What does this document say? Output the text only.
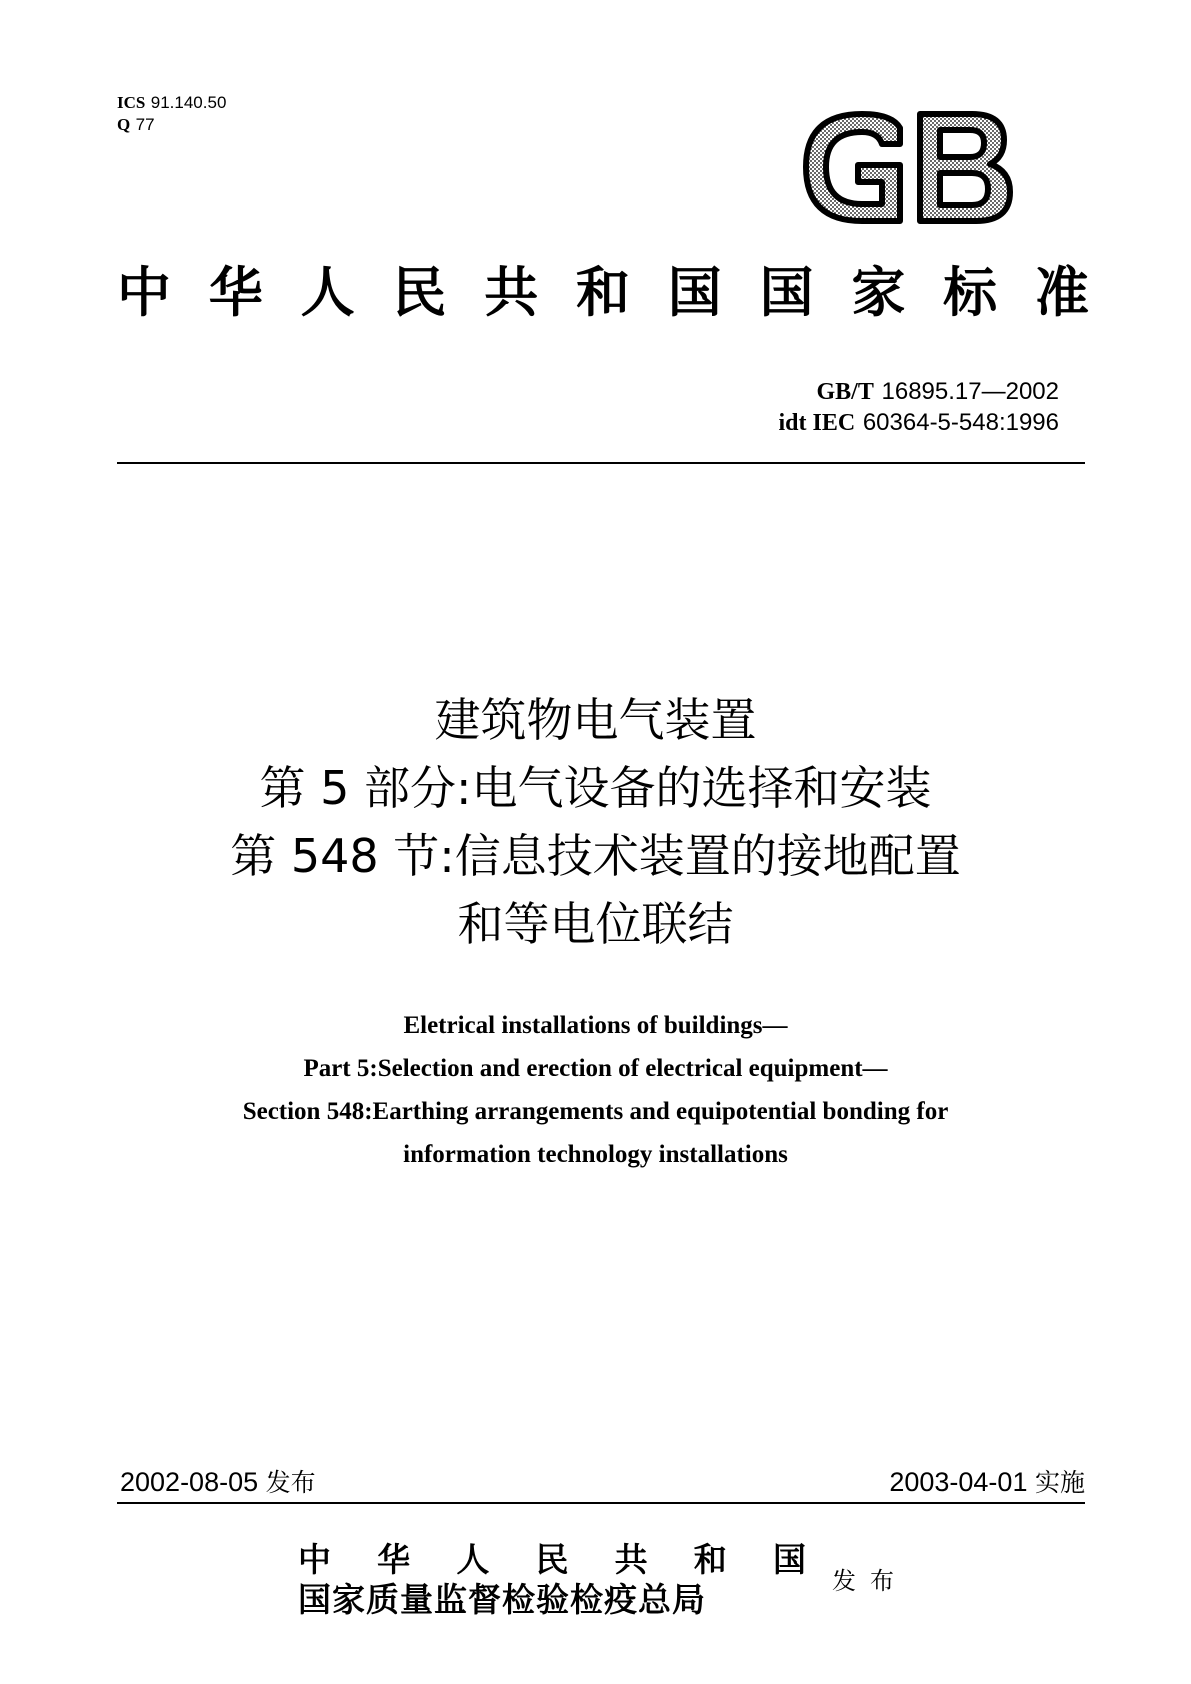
ICS 91.140.50
Q 77
中 华 人 民 共 和 国 国 家 标 准
GB/T 16895.17—2002
idt IEC 60364-5-548:1996
建筑物电气装置
第 5 部分:电气设备的选择和安装
第 548 节:信息技术装置的接地配置
和等电位联结
Eletrical installations of buildings—
Part 5:Selection and erection of electrical equipment—
Section 548:Earthing arrangements and equipotential bonding for
information technology installations
2002-08-05 发布	2003-04-01 实施
中 华 人 民 共 和 国
国家质量监督检验检疫总局	发布
